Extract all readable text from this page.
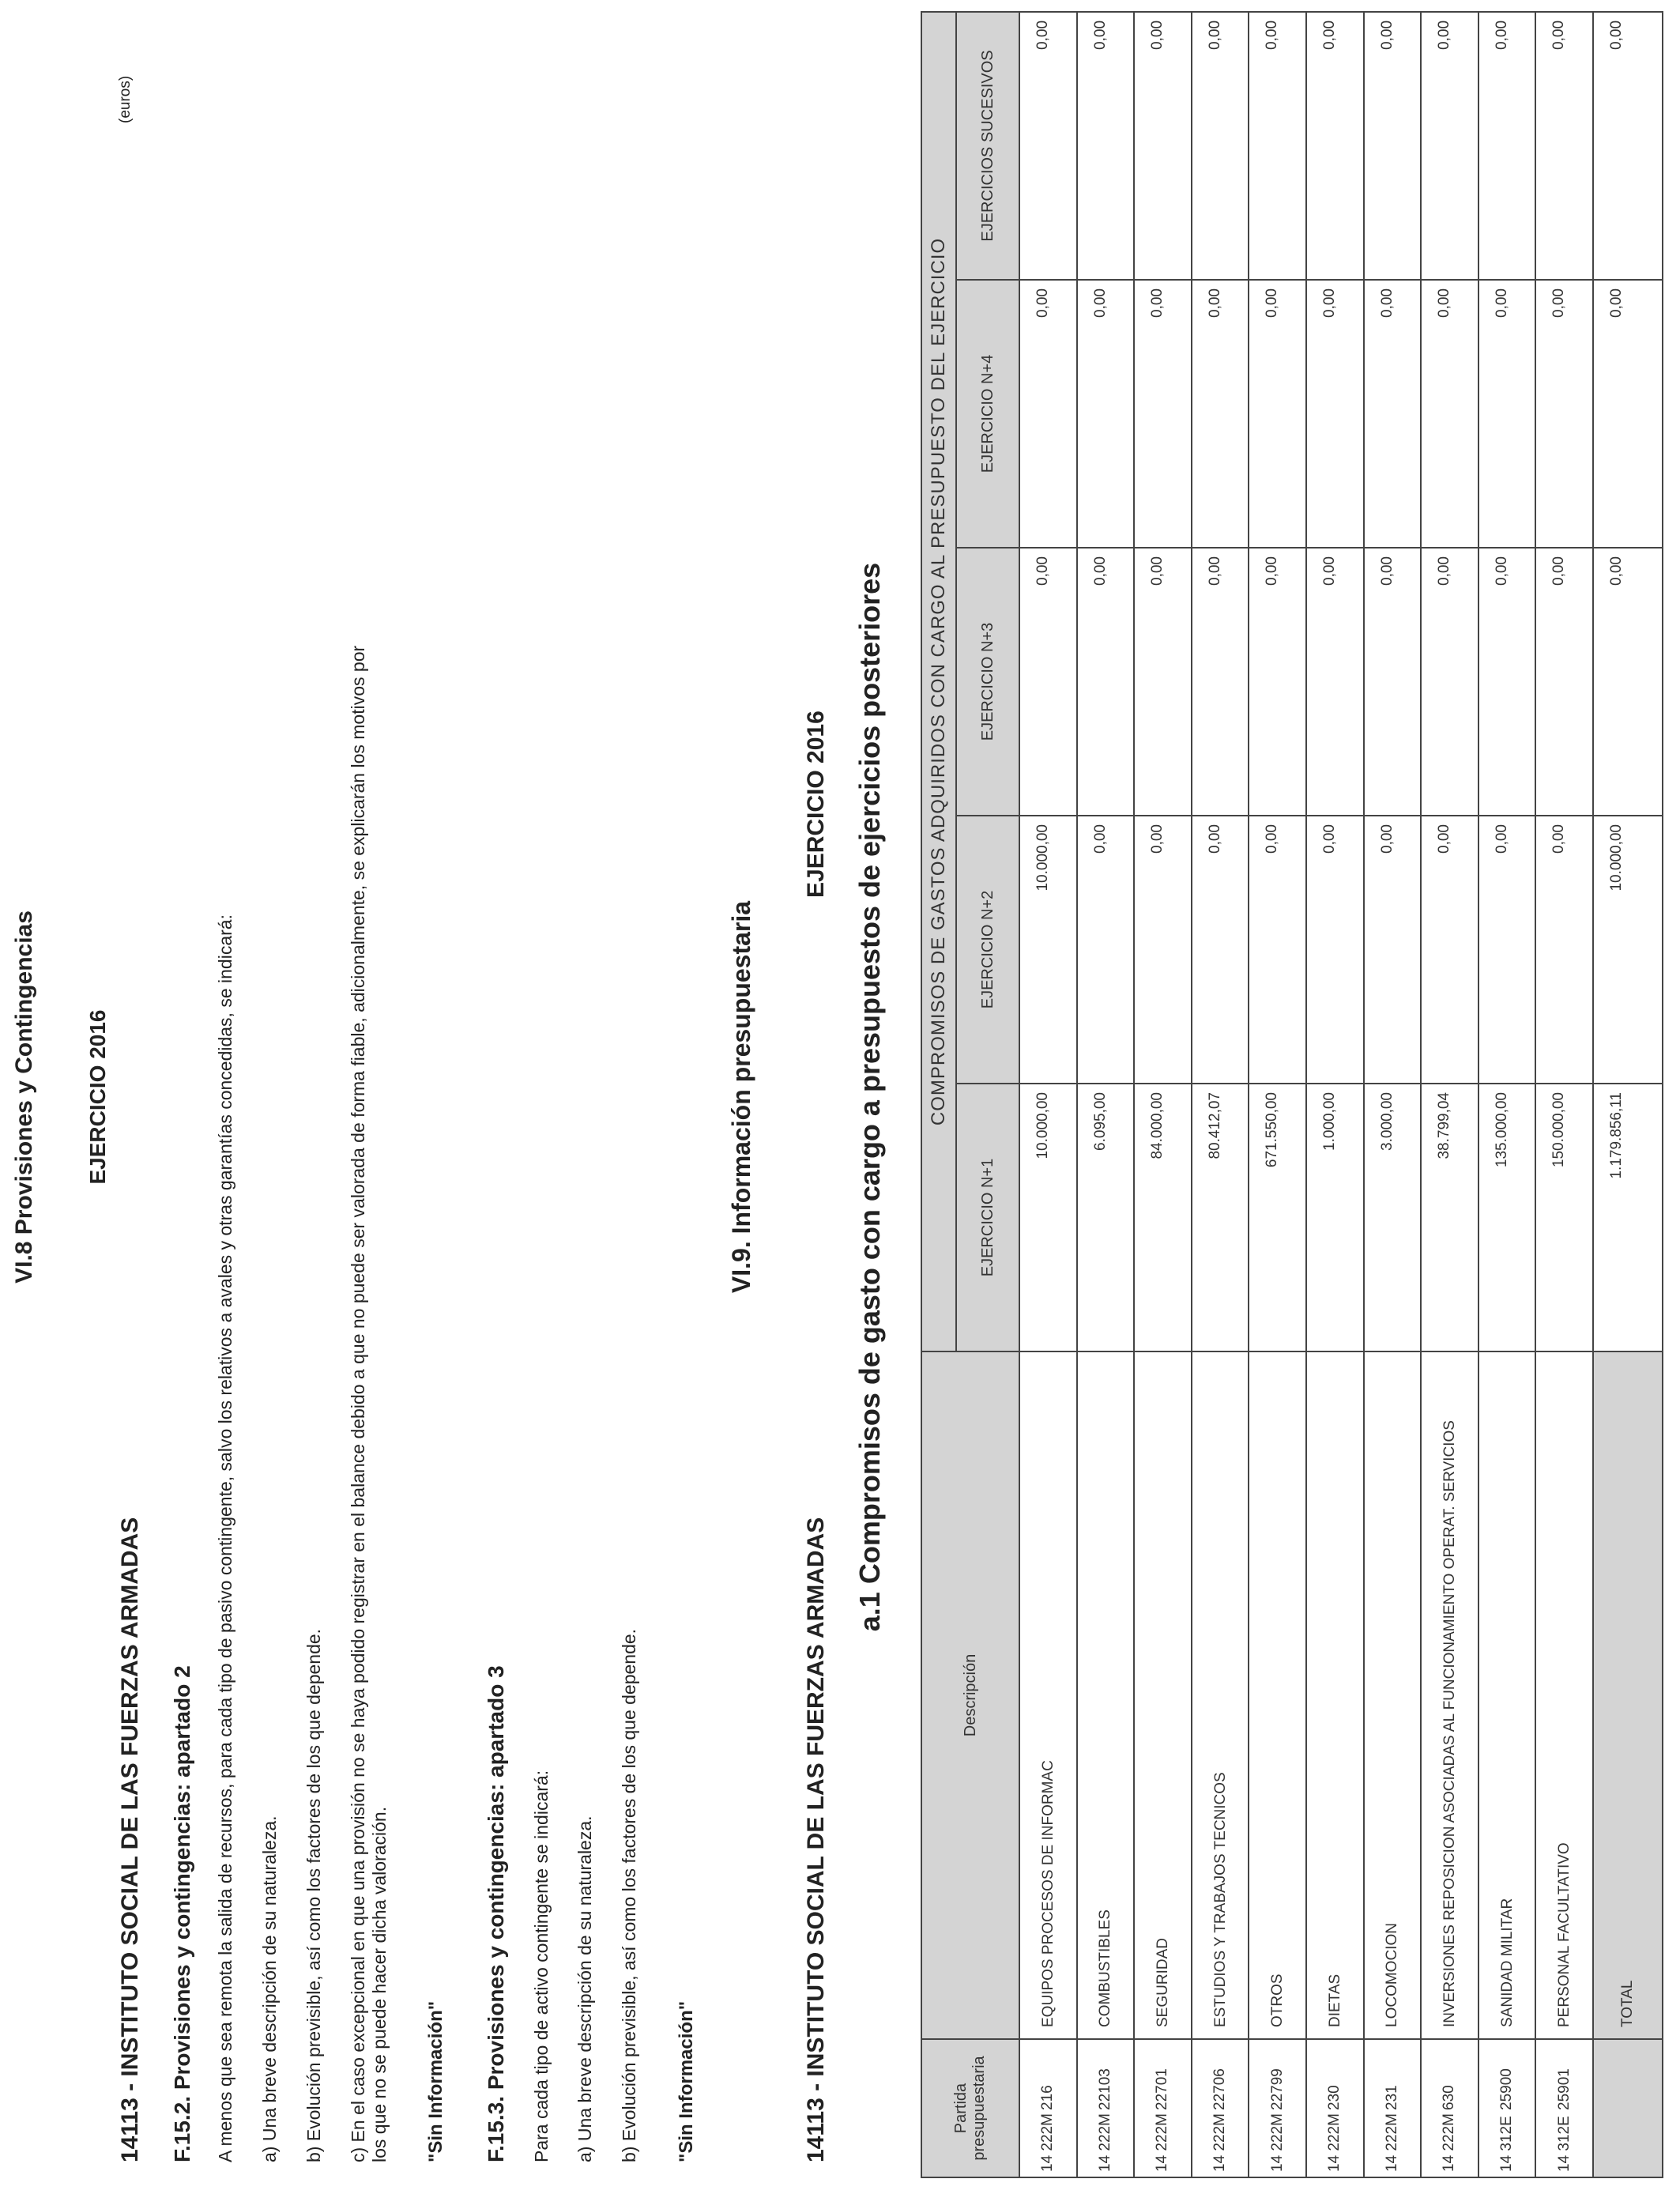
VI.8 Provisiones y Contingencias EJERCICIO 2016
(euros)
14113 - INSTITUTO SOCIAL DE LAS FUERZAS ARMADAS F.15.2. Provisiones y contingencias: apartado 2 A menos que sea remota la salida de recursos, para cada tipo de pasivo contingente, salvo los relativos a avales y otras garantías concedidas, se indicará: a) Una breve descripción de su naturaleza. b) Evolución previsible, así como los factores de los que depende. c) En el caso excepcional en que una provisión no se haya podido registrar en el balance debido a que no puede ser valorada de forma fiable, adicionalmente, se explicarán los motivos por los que no se puede hacer dicha valoración. "Sin Información" F.15.3. Provisiones y contingencias: apartado 3 Para cada tipo de activo contingente se indicará: a) Una breve descripción de su naturaleza. b) Evolución previsible, así como los factores de los que depende. "Sin Información"
VI.9. Información presupuestaria
14113 - INSTITUTO SOCIAL DE LAS FUERZAS ARMADAS
EJERCICIO 2016 a.1 Compromisos de gasto con cargo a presupuestos de ejercicios posteriores
Partida presupuestaria	Descripción	COMPROMISOS DE GASTOS ADQUIRIDOS CON CARGO AL PRESUPUESTO DEL EJERCICIO				
		EJERCICIO N+1	EJERCICIO N+2	EJERCICIO N+3	EJERCICIO N+4	EJERCICIOS SUCESIVOS
14 222M216	EQUIPOS PROCESOS DE INFORMAC	10.000,00	10.000,00	0,00	0,00	0,00
14 222M22103	COMBUSTIBLES	6.095,00	0,00	0,00	0,00	0,00
14 222M22701	SEGURIDAD	84.000,00	0,00	0,00	0,00	0,00
14 222M22706	ESTUDIOS Y TRABAJOS TECNICOS	80.412,07	0,00	0,00	0,00	0,00
14 222M22799	OTROS	671.550,00	0,00	0,00	0,00	0,00
14 222M230	DIETAS	1.000,00	0,00	0,00	0,00	0,00
14 222M231	LOCOMOCION	3.000,00	0,00	0,00	0,00	0,00
14 222M630	INVERSIONES REPOSICION ASOCIADAS AL FUNCIONAMIENTO OPERAT. SERVICIOS	38.799,04	0,00	0,00	0,00	0,00
14 312E25900	SANIDAD MILITAR	135.000,00	0,00	0,00	0,00	0,00
14 312E25901	PERSONAL FACULTATIVO	150.000,00	0,00	0,00	0,00	0,00
	TOTAL	1.179.856,11	10.000,00	0,00	0,00	0,00
